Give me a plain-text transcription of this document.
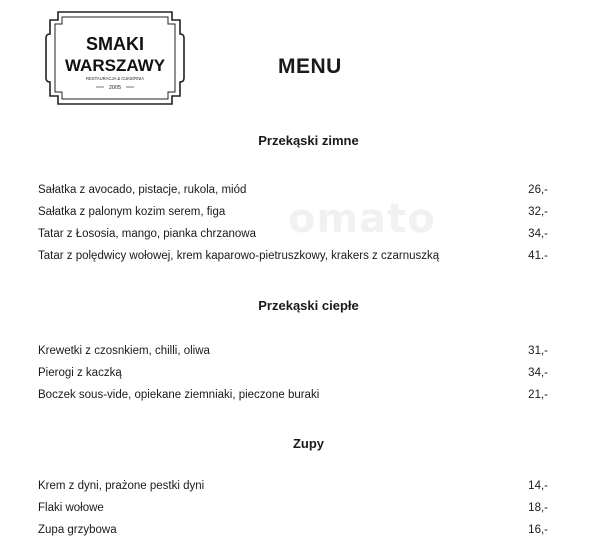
omato
SMAKI
WARSZAWY
RESTAURACJA & CUKIERNIA
2005
MENU
Przekąski zimne
Sałatka z avocado, pistacje, rukola, miód	26,-
Sałatka z palonym kozim serem, figa	32,-
Tatar z Łososia, mango, pianka chrzanowa	34,-
Tatar z polędwicy wołowej, krem kaparowo-pietruszkowy, krakers z czarnuszką	41.-
Przekąski ciepłe
Krewetki z czosnkiem, chilli, oliwa	31,-
Pierogi z kaczką	34,-
Boczek sous-vide, opiekane ziemniaki, pieczone buraki	21,-
Zupy
Krem z dyni, prażone pestki dyni	14,-
Flaki wołowe	18,-
Zupa grzybowa	16,-
